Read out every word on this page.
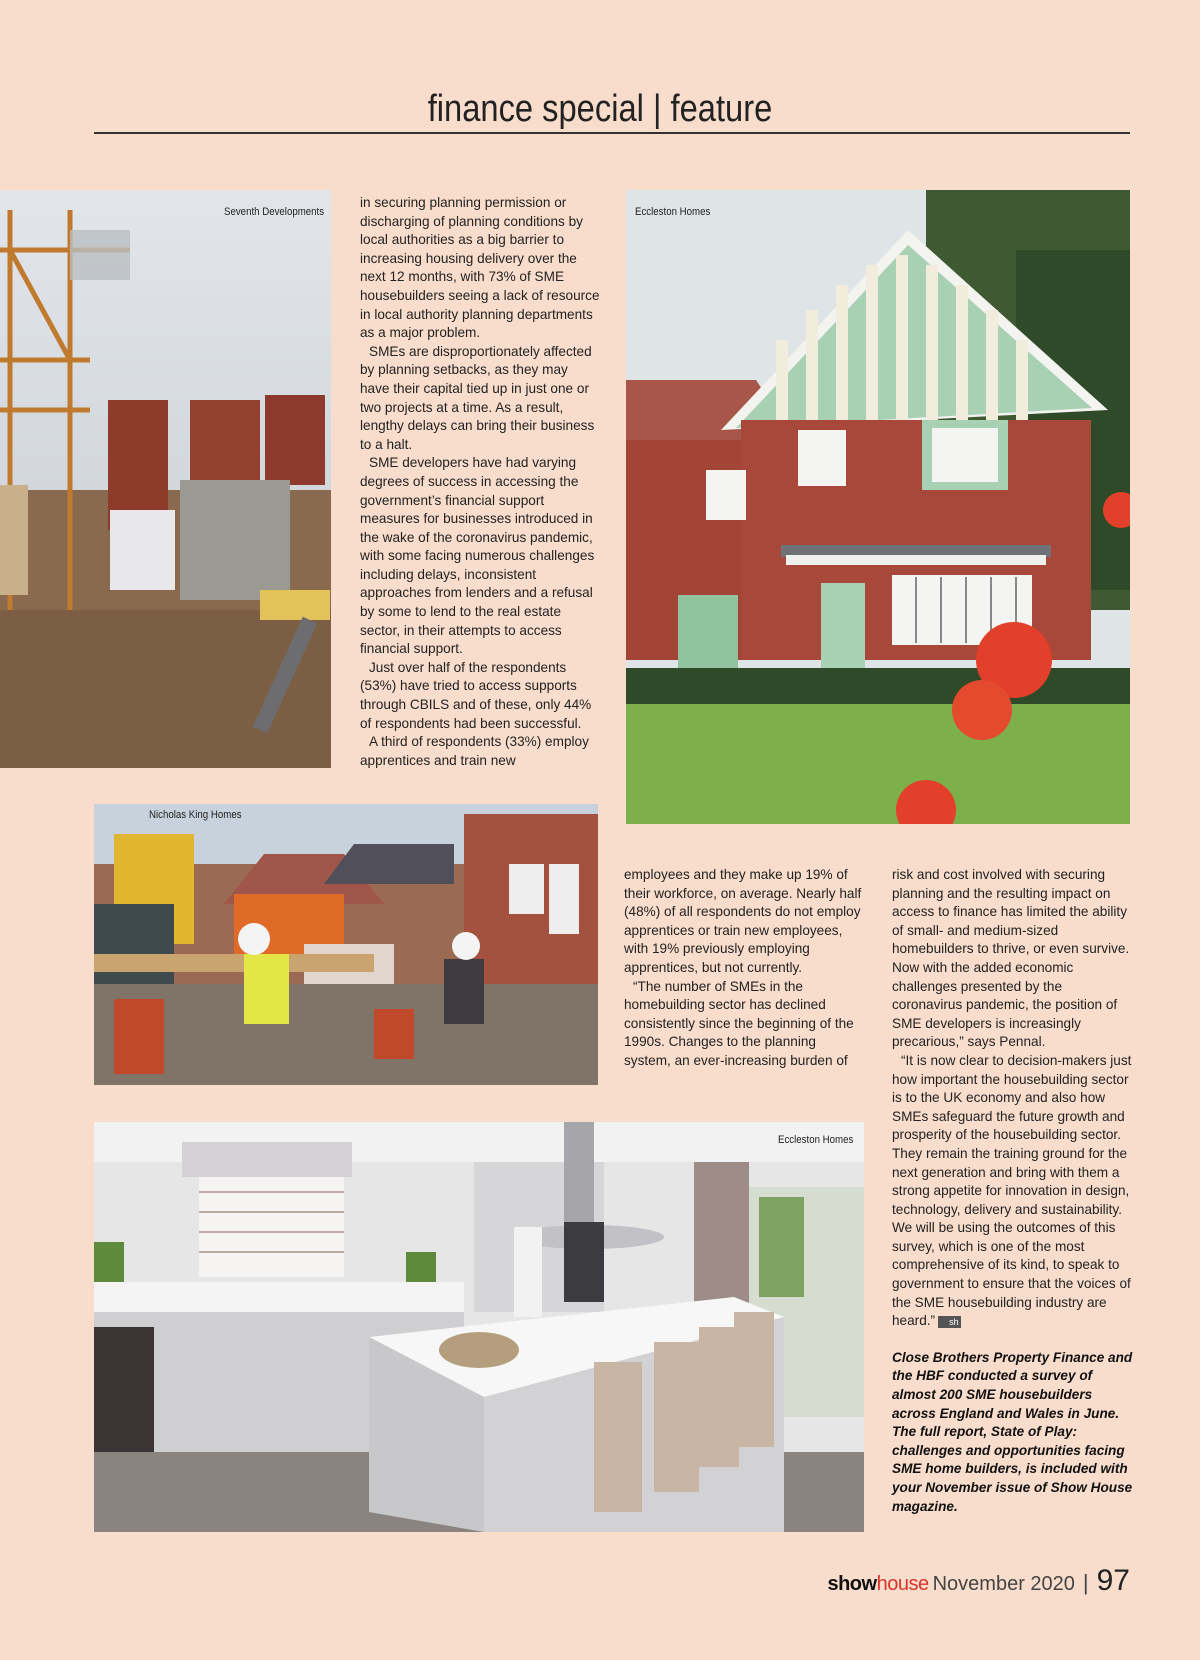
finance special | feature
Seventh Developments

in securing planning permission or discharging of planning conditions by local authorities as a big barrier to increasing housing delivery over the next 12 months, with 73% of SME housebuilders seeing a lack of resource in local authority planning departments as a major problem.

SMEs are disproportionately affected by planning setbacks, as they may have their capital tied up in just one or two projects at a time. As a result, lengthy delays can bring their business to a halt.

SME developers have had varying degrees of success in accessing the government’s financial support measures for businesses introduced in the wake of the coronavirus pandemic, with some facing numerous challenges including delays, inconsistent approaches from lenders and a refusal by some to lend to the real estate sector, in their attempts to access financial support.

Just over half of the respondents (53%) have tried to access supports through CBILS and of these, only 44% of respondents had been successful.

A third of respondents (33%) employ apprentices and train new

Eccleston Homes
Nicholas King Homes

employees and they make up 19% of their workforce, on average. Nearly half (48%) of all respondents do not employ apprentices or train new employees, with 19% previously employing apprentices, but not currently.

“The number of SMEs in the homebuilding sector has declined consistently since the beginning of the 1990s. Changes to the planning system, an ever-increasing burden of

risk and cost involved with securing planning and the resulting impact on access to finance has limited the ability of small- and medium-sized homebuilders to thrive, or even survive. Now with the added economic challenges presented by the coronavirus pandemic, the position of SME developers is increasingly precarious,” says Pennal.

“It is now clear to decision-makers just how important the housebuilding sector is to the UK economy and also how SMEs safeguard the future growth and prosperity of the housebuilding sector. They remain the training ground for the next generation and bring with them a strong appetite for innovation in design, technology, delivery and sustainability. We will be using the outcomes of this survey, which is one of the most comprehensive of its kind, to speak to government to ensure that the voices of the SME housebuilding industry are heard.” sh

Close Brothers Property Finance and the HBF conducted a survey of almost 200 SME housebuilders across England and Wales in June.

The full report, State of Play: challenges and opportunities facing SME home builders, is included with your November issue of Show House magazine.

Eccleston Homes
show house November 2020 | 97
